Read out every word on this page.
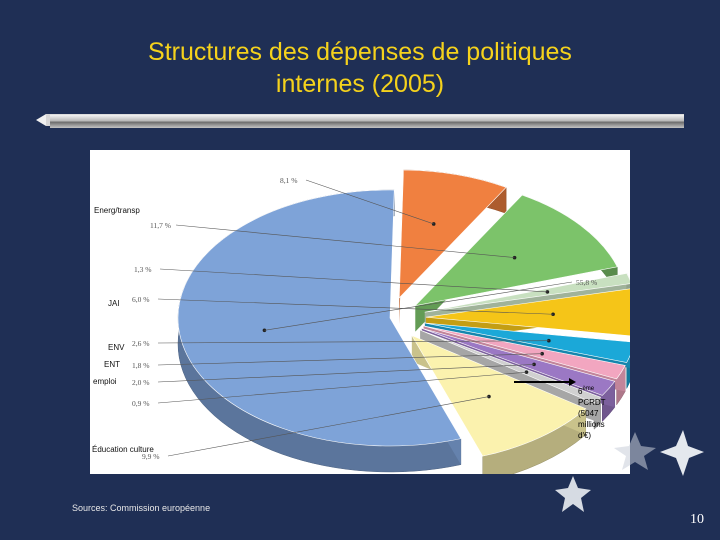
Structures des dépenses de politiques
internes (2005)
8,1 %
11,7 %
1,3 %
6,0 %
2,6 %
1,8 %
2,0 %
0,9 %
9,9 %
55,8 %
Energ/transp
JAI
ENV
ENT
emploi
Éducation culture
6ème
PCRDT
(5047
millions
d'€)
Sources: Commission européenne
10
